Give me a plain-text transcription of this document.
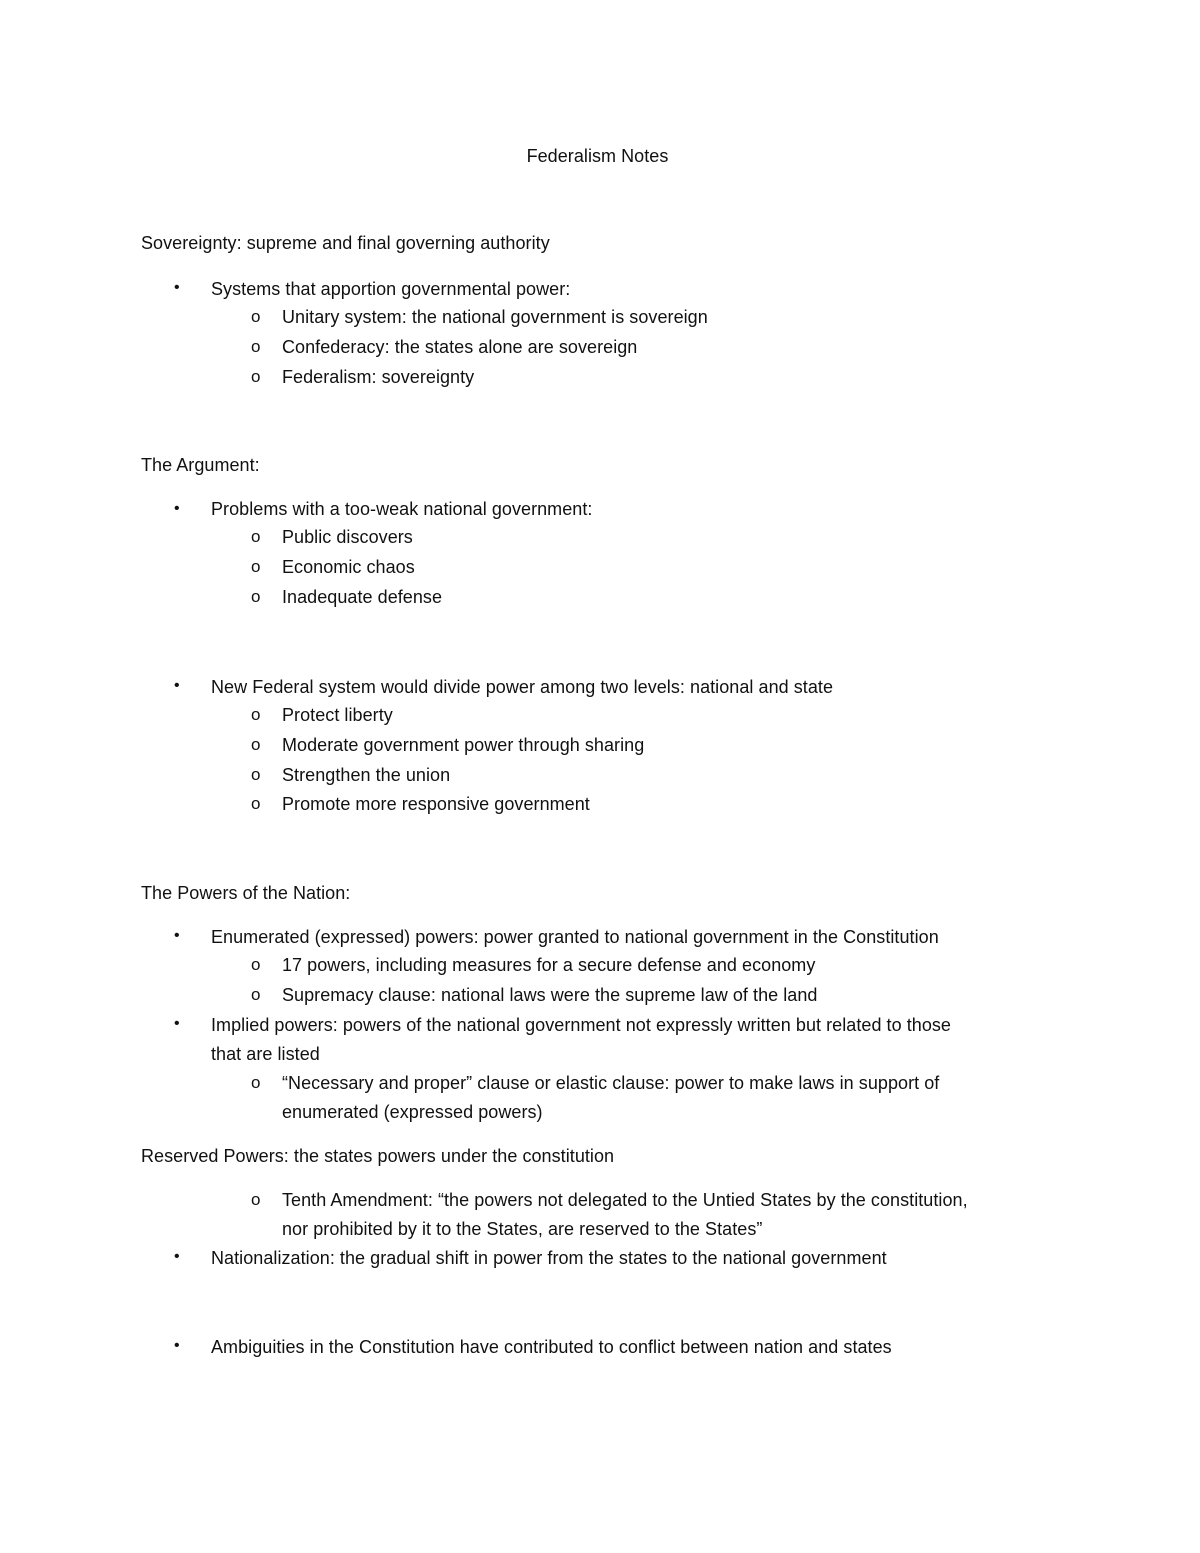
Federalism Notes
Sovereignty: supreme and final governing authority
• Systems that apportion governmental power:
o Unitary system: the national government is sovereign
o Confederacy: the states alone are sovereign
o Federalism: sovereignty
The Argument:
• Problems with a too-weak national government:
o Public discovers
o Economic chaos
o Inadequate defense
• New Federal system would divide power among two levels: national and state
o Protect liberty
o Moderate government power through sharing
o Strengthen the union
o Promote more responsive government
The Powers of the Nation:
• Enumerated (expressed) powers: power granted to national government in the Constitution
o 17 powers, including measures for a secure defense and economy
o Supremacy clause: national laws were the supreme law of the land
• Implied powers: powers of the national government not expressly written but related to those
that are listed
o “Necessary and proper” clause or elastic clause: power to make laws in support of
enumerated (expressed powers)
Reserved Powers: the states powers under the constitution
o Tenth Amendment: “the powers not delegated to the Untied States by the constitution,
nor prohibited by it to the States, are reserved to the States”
• Nationalization: the gradual shift in power from the states to the national government
• Ambiguities in the Constitution have contributed to conflict between nation and states
